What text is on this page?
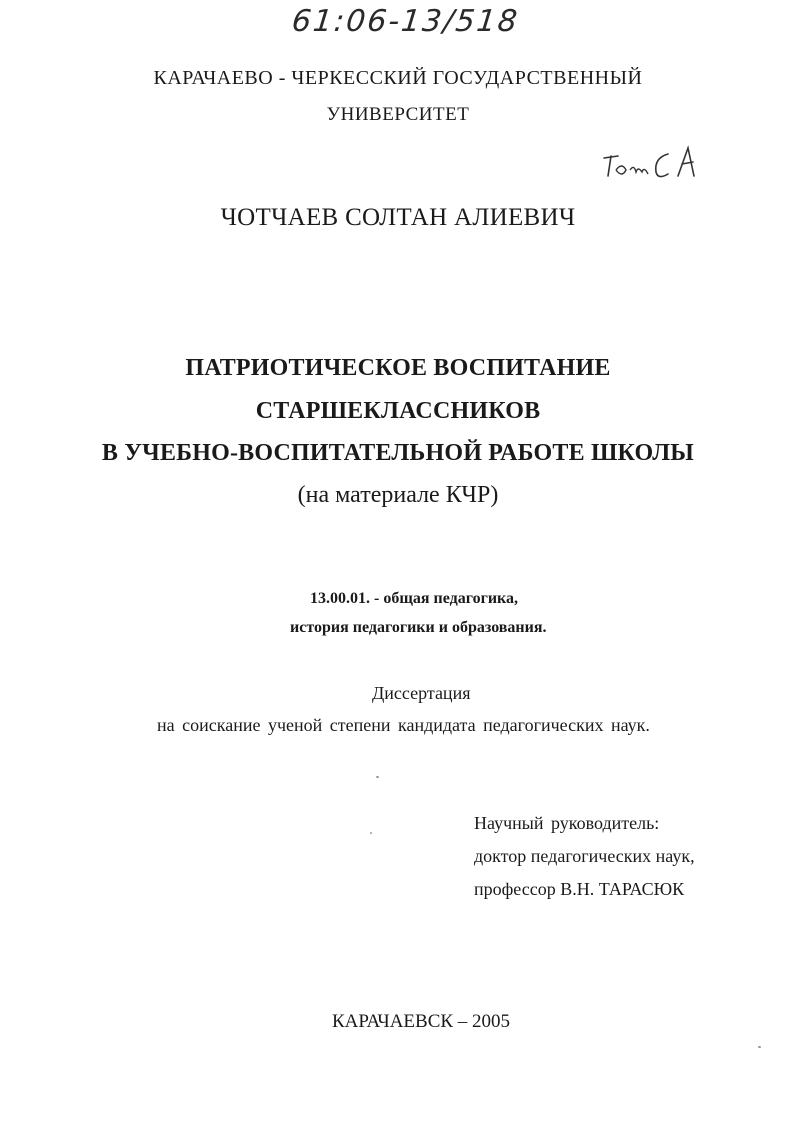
61:06-13/518
КАРАЧАЕВО - ЧЕРКЕССКИЙ ГОСУДАРСТВЕННЫЙ
УНИВЕРСИТЕТ
ЧОТЧАЕВ СОЛТАН АЛИЕВИЧ
ПАТРИОТИЧЕСКОЕ ВОСПИТАНИЕ
СТАРШЕКЛАССНИКОВ
В УЧЕБНО-ВОСПИТАТЕЛЬНОЙ РАБОТЕ ШКОЛЫ
(на материале КЧР)
13.00.01. - общая педагогика,
история педагогики и образования.
Диссертация
на соискание ученой степени кандидата педагогических наук.
Научный руководитель:
доктор педагогических наук,
профессор В.Н. ТАРАСЮК
КАРАЧАЕВСК – 2005
